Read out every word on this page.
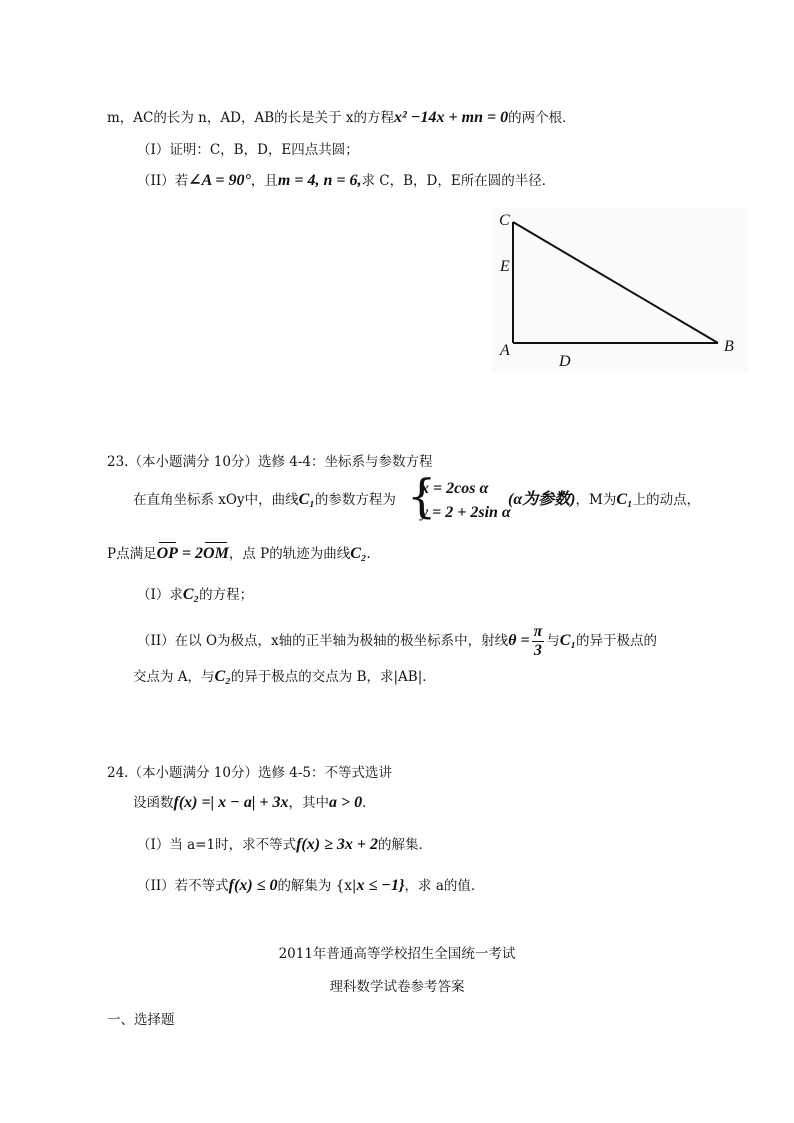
m，AC的长为 n，AD，AB的长是关于 x的方程x² −14x + mn = 0的两个根．
（I）证明：C，B，D，E四点共圆；
（II）若∠A = 90°，且m = 4, n = 6,求 C，B，D，E所在圆的半径．
C
E
A
D
B
23.（本小题满分 10分）选修 4-4：坐标系与参数方程
在直角坐标系 xOy中，曲线C₁的参数方程为 {
x = 2cos α
y = 2 + 2sin α
(α为参数)，M为C₁上的动点，
P点满足OP = 2OM，点 P的轨迹为曲线C₂．
（I）求C₂的方程；
（II）在以 O为极点，x轴的正半轴为极轴的极坐标系中，射线$\theta = \frac{\pi}{3}$ 与C₁的异于极点的
交点为 A，与C₂的异于极点的交点为 B，求|AB|．
24.（本小题满分 10分）选修 4-5：不等式选讲
设函数f(x) =| x − a| + 3x，其中a > 0．
（I）当 a=1时，求不等式f(x) ≥ 3x + 2的解集．
（II）若不等式f(x) ≤ 0的解集为 {x|x ≤ −1}，求 a的值．
2011年普通高等学校招生全国统一考试
理科数学试卷参考答案
一、选择题
